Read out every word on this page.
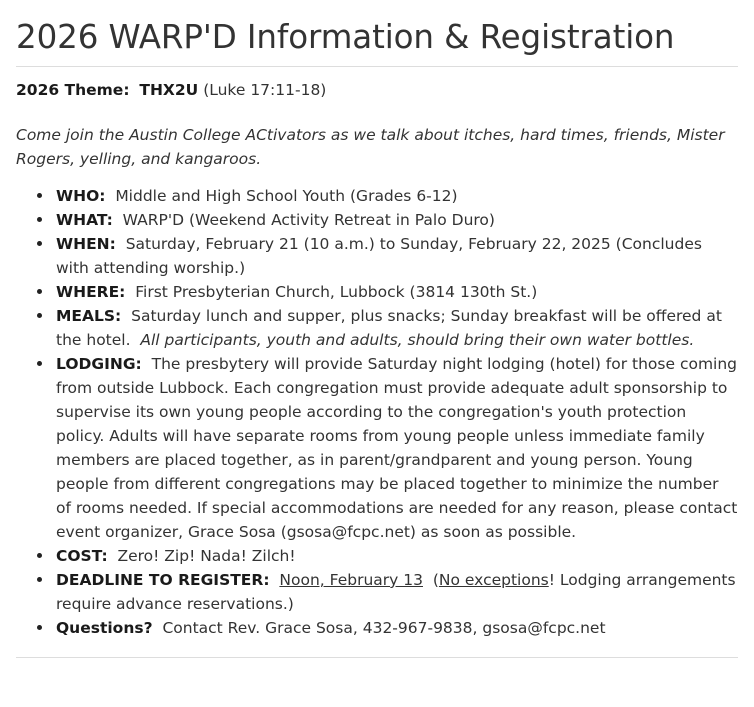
2026 WARP'D Information & Registration

2026 Theme: THX2U (Luke 17:11-18)

Come join the Austin College ACtivators as we talk about itches, hard times, friends, Mister Rogers, yelling, and kangaroos.

WHO: Middle and High School Youth (Grades 6-12)
WHAT: WARP'D (Weekend Activity Retreat in Palo Duro)
WHEN: Saturday, February 21 (10 a.m.) to Sunday, February 22, 2025 (Concludes with attending worship.)
WHERE: First Presbyterian Church, Lubbock (3814 130th St.)
MEALS: Saturday lunch and supper, plus snacks; Sunday breakfast will be offered at the hotel. All participants, youth and adults, should bring their own water bottles.
LODGING: The presbytery will provide Saturday night lodging (hotel) for those coming from outside Lubbock. Each congregation must provide adequate adult sponsorship to supervise its own young people according to the congregation's youth protection policy. Adults will have separate rooms from young people unless immediate family members are placed together, as in parent/grandparent and young person. Young people from different congregations may be placed together to minimize the number of rooms needed. If special accommodations are needed for any reason, please contact event organizer, Grace Sosa (gsosa@fcpc.net) as soon as possible.
COST: Zero! Zip! Nada! Zilch!
DEADLINE TO REGISTER: Noon, February 13 (No exceptions! Lodging arrangements require advance reservations.)
Questions? Contact Rev. Grace Sosa, 432-967-9838, gsosa@fcpc.net
